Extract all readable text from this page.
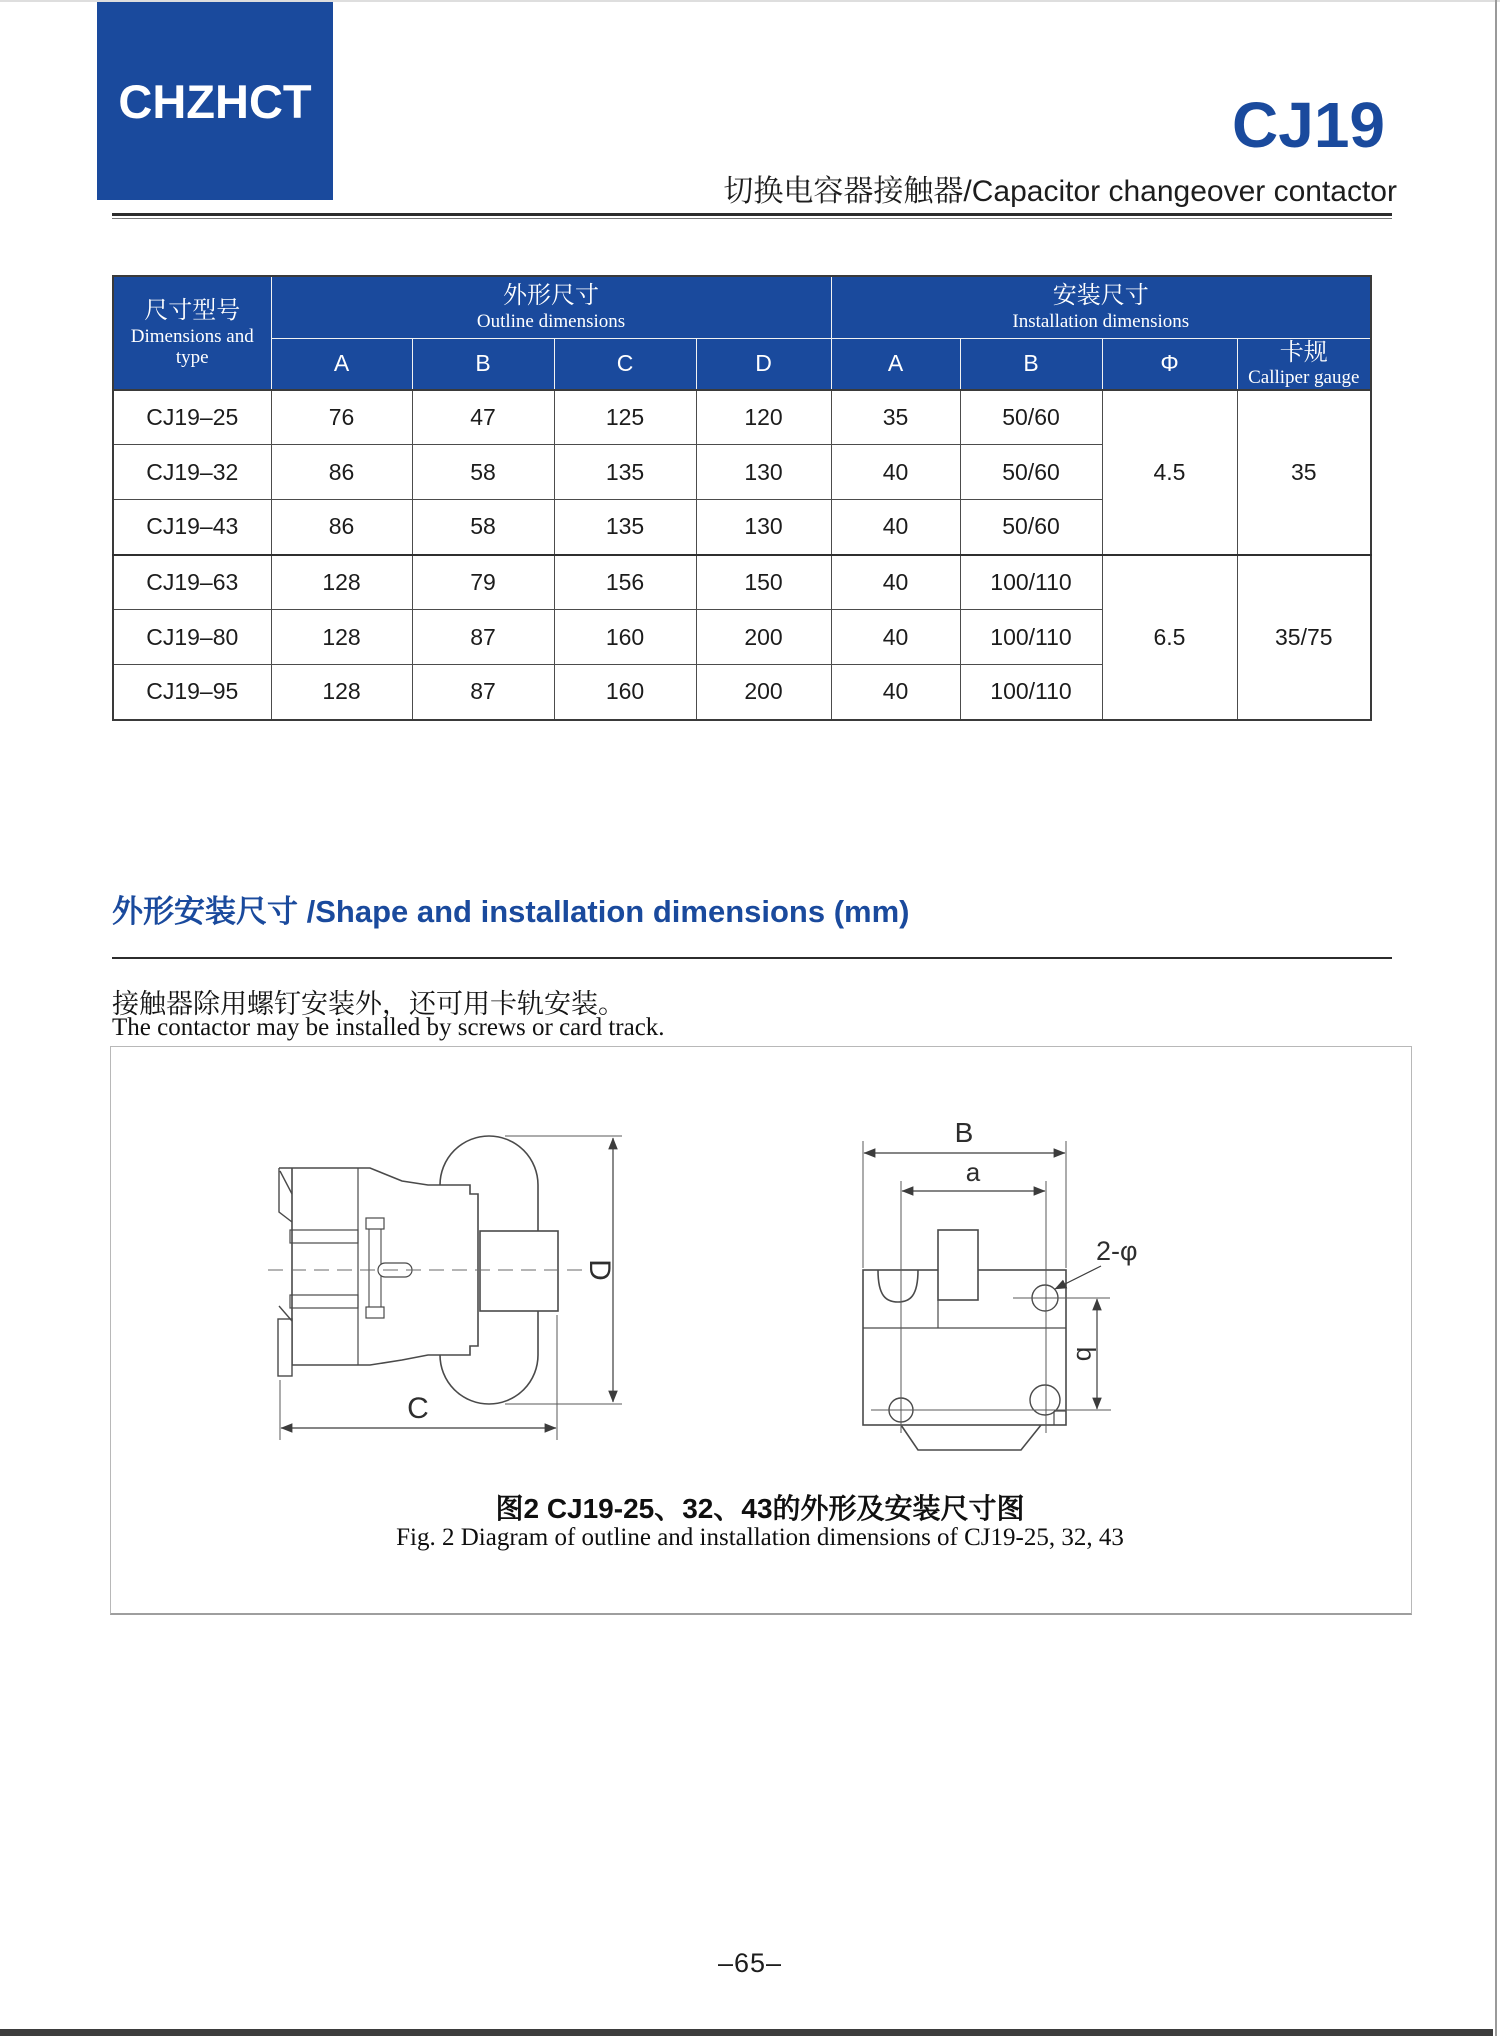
CHZHCT	CJ19
切换电容器接触器/Capacitor changeover contactor
尺寸型号
Dimensions and type

外形尺寸
Outline dimensions

安装尺寸
Installation dimensions

	A	B	C	D	A	B	Φ	卡规
Calliper gauge

CJ19–25	76	47	125	120	35	50/60	4.5	35
CJ19–32	86	58	135	130	40	50/60		
CJ19–43	86	58	135	130	40	50/60		
CJ19–63	128	79	156	150	40	100/110	6.5	35/75
CJ19–80	128	87	160	200	40	100/110		
CJ19–95	128	87	160	200	40	100/110		
外形安装尺寸 /Shape and installation dimensions (mm)
接触器除用螺钉安装外，还可用卡轨安装。
The contactor may be installed by screws or card track.
D
C
B
a
b
2-φ
图2 CJ19-25、32、43的外形及安装尺寸图
Fig. 2 Diagram of outline and installation dimensions of CJ19-25, 32, 43
–65–
